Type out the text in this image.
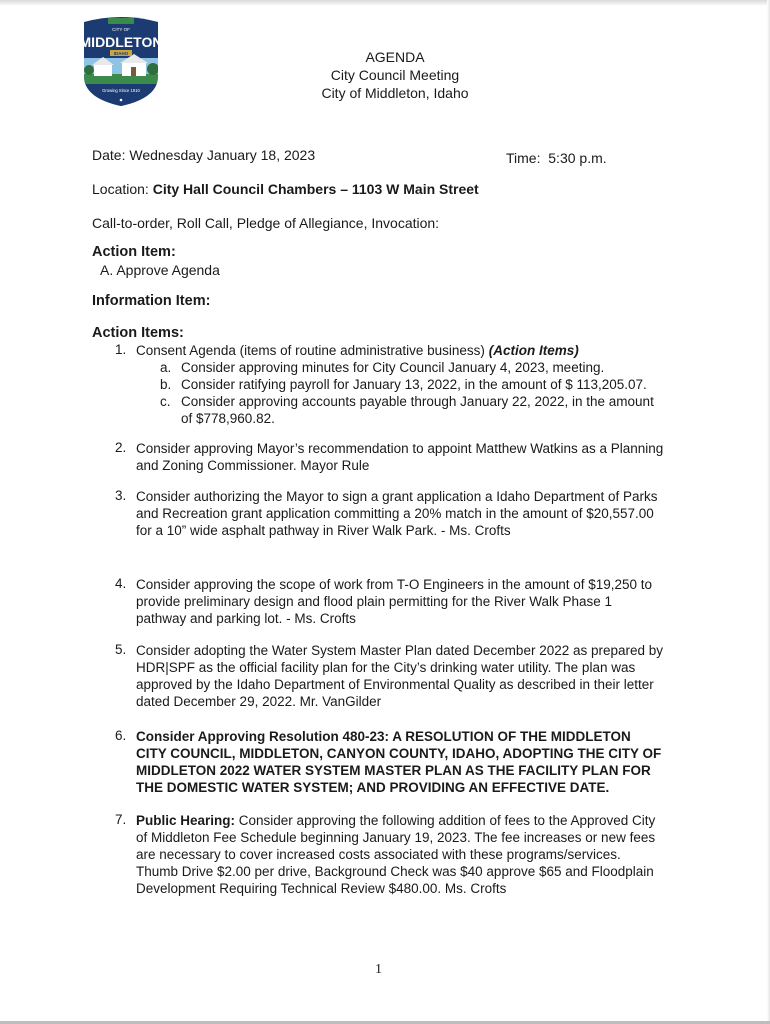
CITY OF
MIDDLETON
IDAHO
Growing Since 1910
AGENDA
City Council Meeting
City of Middleton, Idaho
Date: Wednesday January 18, 2023	Time: 5:30 p.m.
Location: City Hall Council Chambers – 1103 W Main Street
Call-to-order, Roll Call, Pledge of Allegiance, Invocation:
Action Item:
A. Approve Agenda
Information Item:
Action Items:
1. Consent Agenda (items of routine administrative business) (Action Items)
a. Consider approving minutes for City Council January 4, 2023, meeting.
b. Consider ratifying payroll for January 13, 2022, in the amount of $ 113,205.07.
c. Consider approving accounts payable through January 22, 2022, in the amount
of $778,960.82.
2. Consider approving Mayor’s recommendation to appoint Matthew Watkins as a Planning
and Zoning Commissioner. Mayor Rule
3. Consider authorizing the Mayor to sign a grant application a Idaho Department of Parks
and Recreation grant application committing a 20% match in the amount of $20,557.00
for a 10” wide asphalt pathway in River Walk Park. - Ms. Crofts
4. Consider approving the scope of work from T-O Engineers in the amount of $19,250 to
provide preliminary design and flood plain permitting for the River Walk Phase 1
pathway and parking lot. - Ms. Crofts
5. Consider adopting the Water System Master Plan dated December 2022 as prepared by
HDR|SPF as the official facility plan for the City’s drinking water utility. The plan was
approved by the Idaho Department of Environmental Quality as described in their letter
dated December 29, 2022. Mr. VanGilder
6. Consider Approving Resolution 480-23: A RESOLUTION OF THE MIDDLETON
CITY COUNCIL, MIDDLETON, CANYON COUNTY, IDAHO, ADOPTING THE CITY OF
MIDDLETON 2022 WATER SYSTEM MASTER PLAN AS THE FACILITY PLAN FOR
THE DOMESTIC WATER SYSTEM; AND PROVIDING AN EFFECTIVE DATE.
7. Public Hearing: Consider approving the following addition of fees to the Approved City
of Middleton Fee Schedule beginning January 19, 2023. The fee increases or new fees
are necessary to cover increased costs associated with these programs/services.
Thumb Drive $2.00 per drive, Background Check was $40 approve $65 and Floodplain
Development Requiring Technical Review $480.00. Ms. Crofts
1
